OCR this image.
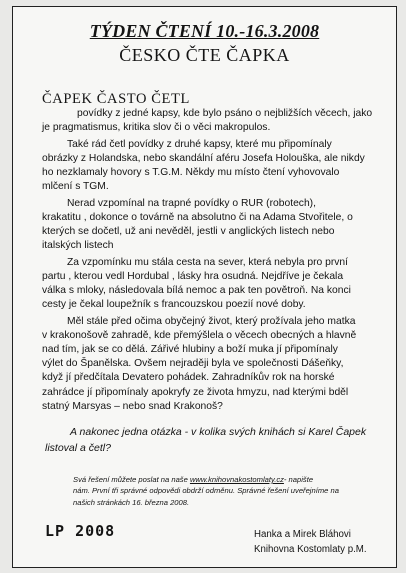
TÝDEN ČTENÍ 10.-16.3.2008
ČESKO ČTE ČAPKA
ČAPEK ČASTO ČETL

povídky z jedné kapsy, kde bylo psáno o nejbližších věcech, jako
je pragmatismus, kritika slov či o věci makropulos.

Také rád četl povídky z druhé kapsy, které mu připomínaly
obrázky z Holandska, nebo skandální aféru Josefa Holouška, ale nikdy
ho nezklamaly hovory s T.G.M. Někdy mu místo čtení vyhovovalo
mlčení s TGM.

Nerad vzpomínal na trapné povídky o RUR (robotech),
krakatitu , dokonce o továrně na absolutno či na Adama Stvořitele, o
kterých se dočetl, už ani nevěděl, jestli v anglických listech nebo
italských listech

Za vzpomínku mu stála cesta na sever, která nebyla pro první
partu , kterou vedl Hordubal , lásky hra osudná. Nejdříve je čekala
válka s mloky, následovala bílá nemoc a pak ten povětroň. Na konci
cesty je čekal loupežník s francouzskou poezií nové doby.

Měl stále před očima obyčejný život, který prožívala jeho matka
v krakonošově zahradě, kde přemýšlela o věcech obecných a hlavně
nad tím, jak se co dělá. Zářivé hlubiny a boží muka jí připomínaly
výlet do Španělska. Ovšem nejraději byla ve společnosti Dášeňky,
když jí předčítala Devatero pohádek. Zahradníkův rok na horské
zahrádce jí připomínaly apokryfy ze života hmyzu, nad kterými bděl
statný Marsyas – nebo snad Krakonoš?

A nakonec jedna otázka - v kolika svých knihách si Karel Čapek
listoval a četl?
Svá řešení můžete poslat na naše www.knihovnakostomlaty.cz- napište
nám. První tři správné odpovědi obdrží odměnu. Správné řešení uveřejníme na
našich stránkách 16. března 2008.
LP 2008	Hanka a Mirek Bláhovi
Knihovna Kostomlaty p.M.
